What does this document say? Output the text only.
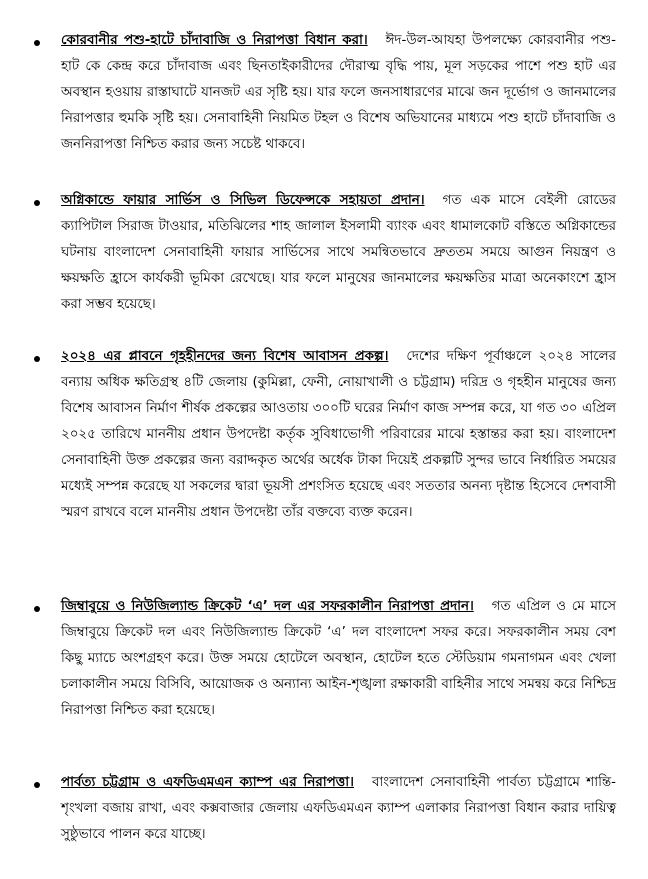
কোরবানীর পশু-হাটে চাঁদাবাজি ও নিরাপত্তা বিধান করা। ঈদ-উল-আযহা উপলক্ষ্যে কোরবানীর পশু-হাট কে কেন্দ্র করে চাঁদাবাজ এবং ছিনতাইকারীদের দৌরাত্ম বৃদ্ধি পায়, মূল সড়কের পাশে পশু হাট এর অবস্থান হওয়ায় রাস্তাঘাটে যানজট এর সৃষ্টি হয়। যার ফলে জনসাধারণের মাঝে জন দূর্ভোগ ও জানমালের নিরাপত্তার হুমকি সৃষ্টি হয়। সেনাবাহিনী নিয়মিত টহল ও বিশেষ অভিযানের মাধ্যমে পশু হাটে চাঁদাবাজি ও জননিরাপত্তা নিশ্চিত করার জন্য সচেষ্ট থাকবে।

অগ্নিকান্ডে ফায়ার সার্ভিস ও সিভিল ডিফেন্সকে সহায়তা প্রদান। গত এক মাসে বেইলী রোডের ক্যাপিটাল সিরাজ টাওয়ার, মতিঝিলের শাহ জালাল ইসলামী ব্যাংক এবং ধামালকোট বস্তিতে অগ্নিকান্ডের ঘটনায় বাংলাদেশ সেনাবাহিনী ফায়ার সার্ভিসের সাথে সমন্বিতভাবে দ্রুততম সময়ে আগুন নিয়ন্ত্রণ ও ক্ষয়ক্ষতি হ্রাসে কার্যকরী ভূমিকা রেখেছে। যার ফলে মানুষের জানমালের ক্ষয়ক্ষতির মাত্রা অনেকাংশে হ্রাস করা সম্ভব হয়েছে।

২০২৪ এর প্লাবনে গৃহহীনদের জন্য বিশেষ আবাসন প্রকল্প। দেশের দক্ষিণ পূর্বাঞ্চলে ২০২৪ সালের বন্যায় অধিক ক্ষতিগ্রস্থ ৪টি জেলায় (কুমিল্লা, ফেনী, নোয়াখালী ও চট্টগ্রাম) দরিদ্র ও গৃহহীন মানুষের জন্য বিশেষ আবাসন নির্মাণ শীর্ষক প্রকল্পের আওতায় ৩০০টি ঘরের নির্মাণ কাজ সম্পন্ন করে, যা গত ৩০ এপ্রিল ২০২৫ তারিখে মাননীয় প্রধান উপদেষ্টা কর্তৃক সুবিধাভোগী পরিবারের মাঝে হস্তান্তর করা হয়। বাংলাদেশ সেনাবাহিনী উক্ত প্রকল্পের জন্য বরাদ্দকৃত অর্থের অর্ধেক টাকা দিয়েই প্রকল্পটি সুন্দর ভাবে নির্ধারিত সময়ের মধ্যেই সম্পন্ন করেছে যা সকলের দ্বারা ভূয়সী প্রশংসিত হয়েছে এবং সততার অনন্য দৃষ্টান্ত হিসেবে দেশবাসী স্মরণ রাখবে বলে মাননীয় প্রধান উপদেষ্টা তাঁর বক্তব্যে ব্যক্ত করেন।

জিম্বাবুয়ে ও নিউজিল্যান্ড ক্রিকেট ‘এ’ দল এর সফরকালীন নিরাপত্তা প্রদান। গত এপ্রিল ও মে মাসে জিম্বাবুয়ে ক্রিকেট দল এবং নিউজিল্যান্ড ক্রিকেট ‘এ’ দল বাংলাদেশ সফর করে। সফরকালীন সময় বেশ কিছু ম্যাচে অংশগ্রহণ করে। উক্ত সময়ে হোটেলে অবস্থান, হোটেল হতে স্টেডিয়াম গমনাগমন এবং খেলা চলাকালীন সময়ে বিসিবি, আয়োজক ও অন্যান্য আইন-শৃঙ্খলা রক্ষাকারী বাহিনীর সাথে সমন্বয় করে নিশ্চিদ্র নিরাপত্তা নিশ্চিত করা হয়েছে।

পার্বত্য চট্টগ্রাম ও এফডিএমএন ক্যাম্প এর নিরাপত্তা। বাংলাদেশ সেনাবাহিনী পার্বত্য চট্টগ্রামে শান্তি-শৃংখলা বজায় রাখা, এবং কক্সবাজার জেলায় এফডিএমএন ক্যাম্প এলাকার নিরাপত্তা বিধান করার দায়িত্ব সুষ্ঠুভাবে পালন করে যাচ্ছে।
